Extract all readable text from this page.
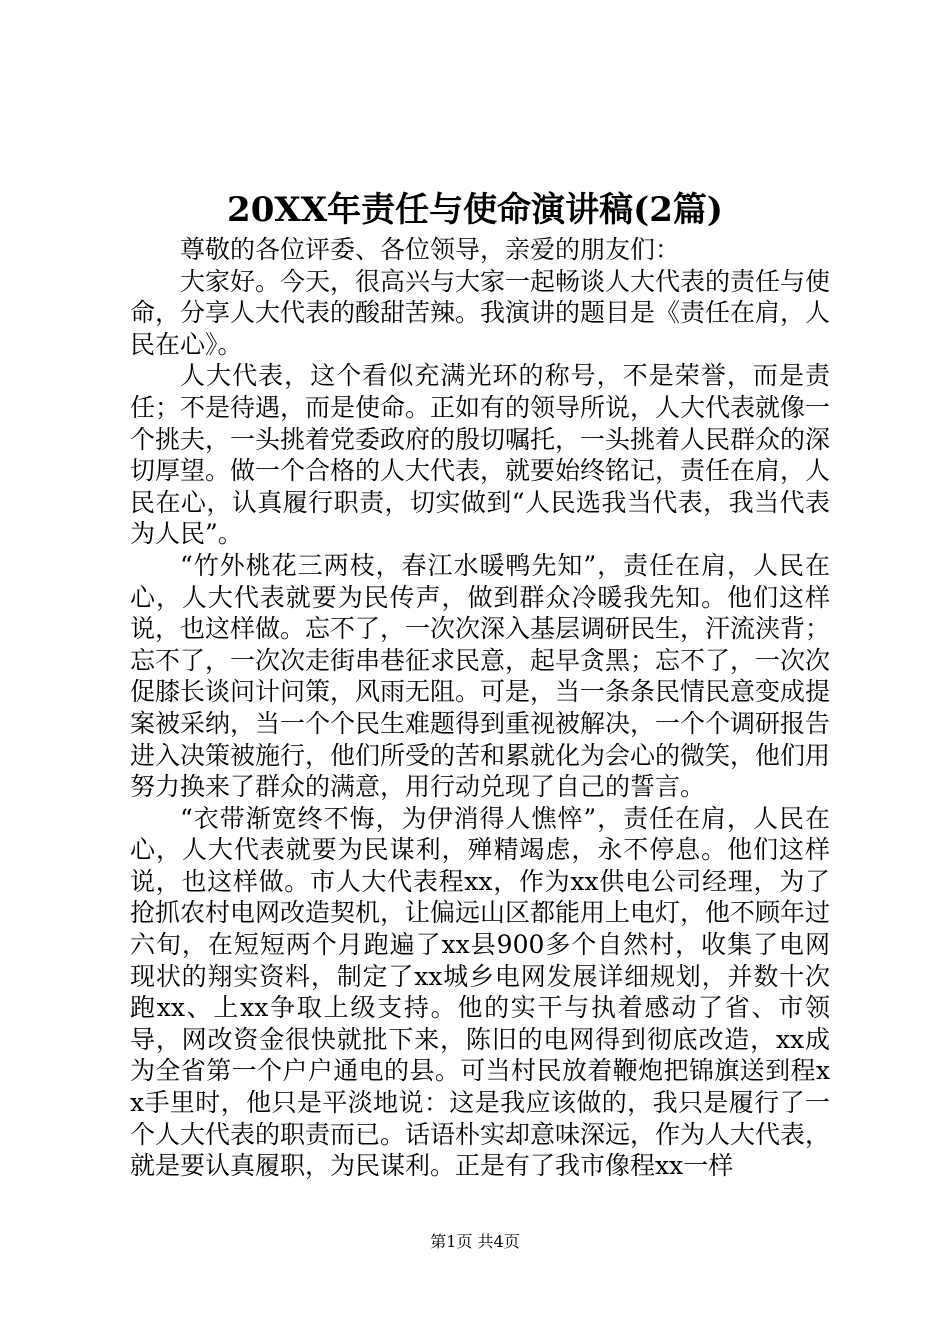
20XX年责任与使命演讲稿(2篇)

尊敬的各位评委、各位领导，亲爱的朋友们：

大家好。今天，很高兴与大家一起畅谈人大代表的责任与使命，分享人大代表的酸甜苦辣。我演讲的题目是《责任在肩，人民在心》。

人大代表，这个看似充满光环的称号，不是荣誉，而是责任；不是待遇，而是使命。正如有的领导所说，人大代表就像一个挑夫，一头挑着党委政府的殷切嘱托，一头挑着人民群众的深切厚望。做一个合格的人大代表，就要始终铭记，责任在肩，人民在心，认真履行职责，切实做到“人民选我当代表，我当代表为人民”。

“竹外桃花三两枝，春江水暖鸭先知”，责任在肩，人民在心，人大代表就要为民传声，做到群众冷暖我先知。他们这样说，也这样做。忘不了，一次次深入基层调研民生，汗流浃背；忘不了，一次次走街串巷征求民意，起早贪黑；忘不了，一次次促膝长谈问计问策，风雨无阻。可是，当一条条民情民意变成提案被采纳，当一个个民生难题得到重视被解决，一个个调研报告进入决策被施行，他们所受的苦和累就化为会心的微笑，他们用努力换来了群众的满意，用行动兑现了自己的誓言。

“衣带渐宽终不悔，为伊消得人憔悴”，责任在肩，人民在心，人大代表就要为民谋利，殚精竭虑，永不停息。他们这样说，也这样做。市人大代表程xx，作为xx供电公司经理，为了抢抓农村电网改造契机，让偏远山区都能用上电灯，他不顾年过六旬，在短短两个月跑遍了xx县900多个自然村，收集了电网现状的翔实资料，制定了xx城乡电网发展详细规划，并数十次跑xx、上xx争取上级支持。他的实干与执着感动了省、市领导，网改资金很快就批下来，陈旧的电网得到彻底改造，xx成为全省第一个户户通电的县。可当村民放着鞭炮把锦旗送到程xx手里时，他只是平淡地说：这是我应该做的，我只是履行了一个人大代表的职责而已。话语朴实却意味深远，作为人大代表，就是要认真履职，为民谋利。正是有了我市像程xx一样

第1页 共4页
